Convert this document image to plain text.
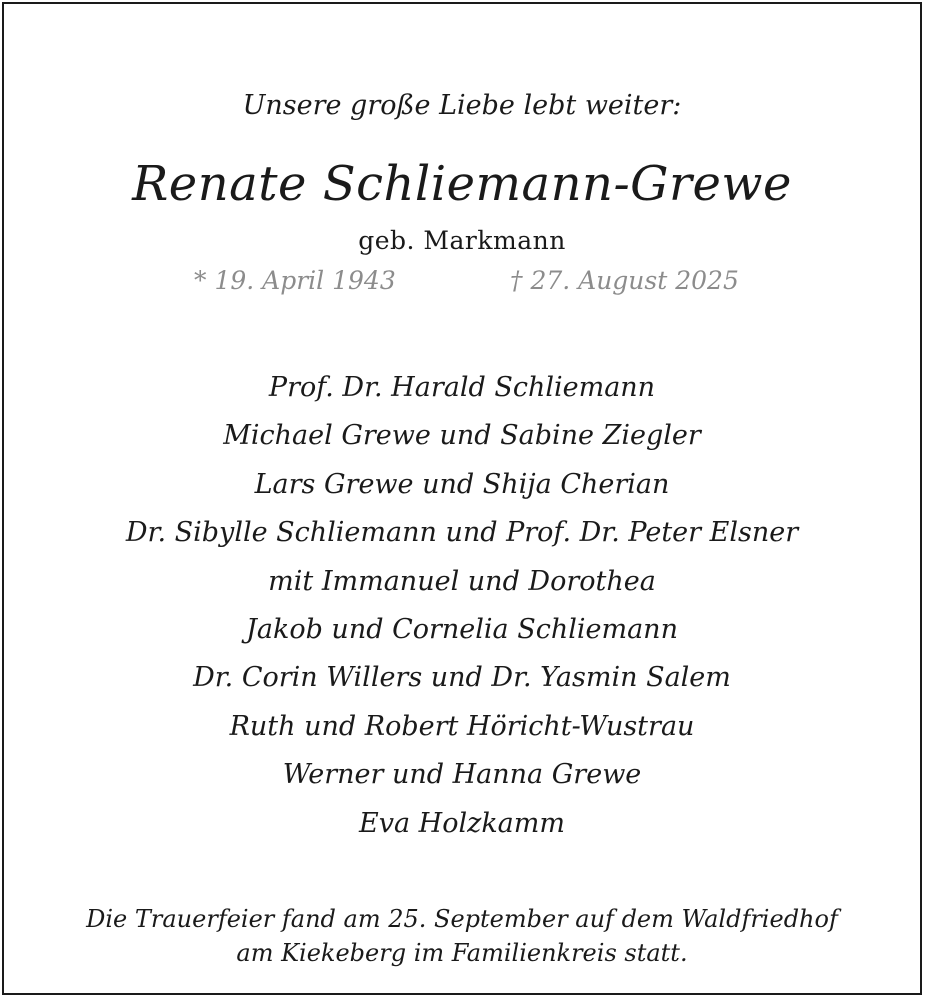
Unsere große Liebe lebt weiter:
Renate Schliemann-Grewe
geb. Markmann
* 19. April 1943	† 27. August 2025
Prof. Dr. Harald Schliemann
Michael Grewe und Sabine Ziegler
Lars Grewe und Shija Cherian
Dr. Sibylle Schliemann und Prof. Dr. Peter Elsner
mit Immanuel und Dorothea
Jakob und Cornelia Schliemann
Dr. Corin Willers und Dr. Yasmin Salem
Ruth und Robert Höricht-Wustrau
Werner und Hanna Grewe
Eva Holzkamm
Die Trauerfeier fand am 25. September auf dem Waldfriedhof
am Kiekeberg im Familienkreis statt.
